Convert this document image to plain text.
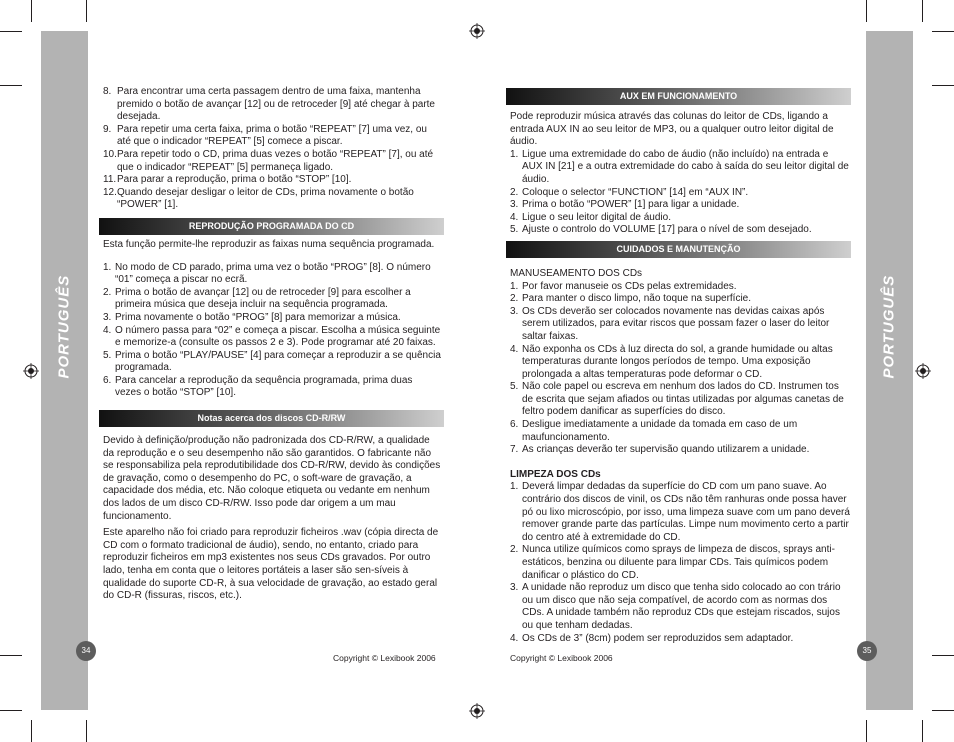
PORTUGUÊS	PORTUGUÊS
34	35
Copyright © Lexibook 2006	Copyright © Lexibook 2006
8. Para encontrar uma certa passagem dentro de uma faixa, mantenha premido o botão de avançar [12] ou de retroceder [9] até chegar à parte desejada.
9. Para repetir uma certa faixa, prima o botão “REPEAT” [7] uma vez, ou até que o indicador “REPEAT” [5] comece a piscar.
10. Para repetir todo o CD, prima duas vezes o botão “REPEAT” [7], ou até que o indicador “REPEAT” [5] permaneça ligado.
11. Para parar a reprodução, prima o botão “STOP” [10].
12. Quando desejar desligar o leitor de CDs, prima novamente o botão “POWER” [1].
REPRODUÇÃO PROGRAMADA DO CD

Esta função permite-lhe reproduzir as faixas numa sequência programada.

1. No modo de CD parado, prima uma vez o botão “PROG” [8]. O número “01” começa a piscar no ecrã.
2. Prima o botão de avançar [12] ou de retroceder [9] para escolher a primeira música que deseja incluir na sequência programada.
3. Prima novamente o botão “PROG” [8] para memorizar a música.
4. O número passa para “02” e começa a piscar. Escolha a música seguinte e memorize-a (consulte os passos 2 e 3). Pode programar até 20 faixas.
5. Prima o botão “PLAY/PAUSE” [4] para começar a reproduzir a se quência programada.
6. Para cancelar a reprodução da sequência programada, prima duas vezes o botão “STOP” [10].
Notas acerca dos discos CD-R/RW

Devido à definição/produção não padronizada dos CD-R/RW, a qualidade da reprodução e o seu desempenho não são garantidos. O fabricante não se responsabiliza pela reprodutibilidade dos CD-R/RW, devido às condições de gravação, como o desempenho do PC, o soft-ware de gravação, a capacidade dos média, etc. Não coloque etiqueta ou vedante em nenhum dos lados de um disco CD-R/RW. Isso pode dar origem a um mau funcionamento.

Este aparelho não foi criado para reproduzir ficheiros .wav (cópia directa de CD com o formato tradicional de áudio), sendo, no entanto, criado para reproduzir ficheiros em mp3 existentes nos seus CDs gravados. Por outro lado, tenha em conta que o leitores portáteis a laser são sen-síveis à qualidade do suporte CD-R, à sua velocidade de gravação, ao estado geral do CD-R (fissuras, riscos, etc.).

AUX EM FUNCIONAMENTO

Pode reproduzir música através das colunas do leitor de CDs, ligando a entrada AUX IN ao seu leitor de MP3, ou a qualquer outro leitor digital de áudio.

1. Ligue uma extremidade do cabo de áudio (não incluído) na entrada e AUX IN [21] e a outra extremidade do cabo à saída do seu leitor digital de áudio.
2. Coloque o selector “FUNCTION” [14] em “AUX IN”.
3. Prima o botão “POWER” [1] para ligar a unidade.
4. Ligue o seu leitor digital de áudio.
5. Ajuste o controlo do VOLUME [17] para o nível de som desejado.
CUIDADOS E MANUTENÇÃO

MANUSEAMENTO DOS CDs

1. Por favor manuseie os CDs pelas extremidades.
2. Para manter o disco limpo, não toque na superfície.
3. Os CDs deverão ser colocados novamente nas devidas caixas após serem utilizados, para evitar riscos que possam fazer o laser do leitor saltar faixas.
4. Não exponha os CDs à luz directa do sol, a grande humidade ou altas temperaturas durante longos períodos de tempo. Uma exposição prolongada a altas temperaturas pode deformar o CD.
5. Não cole papel ou escreva em nenhum dos lados do CD. Instrumen tos de escrita que sejam afiados ou tintas utilizadas por algumas canetas de feltro podem danificar as superfícies do disco.
6. Desligue imediatamente a unidade da tomada em caso de um maufuncionamento.
7. As crianças deverão ter supervisão quando utilizarem a unidade.

LIMPEZA DOS CDs

1. Deverá limpar dedadas da superfície do CD com um pano suave. Ao contrário dos discos de vinil, os CDs não têm ranhuras onde possa haver pó ou lixo microscópio, por isso, uma limpeza suave com um pano deverá remover grande parte das partículas. Limpe num movimento certo a partir do centro até à extremidade do CD.
2. Nunca utilize químicos como sprays de limpeza de discos, sprays anti-estáticos, benzina ou diluente para limpar CDs. Tais químicos podem danificar o plástico do CD.
3. A unidade não reproduz um disco que tenha sido colocado ao con trário ou um disco que não seja compatível, de acordo com as normas dos CDs. A unidade também não reproduz CDs que estejam riscados, sujos ou que tenham dedadas.
4. Os CDs de 3” (8cm) podem ser reproduzidos sem adaptador.
